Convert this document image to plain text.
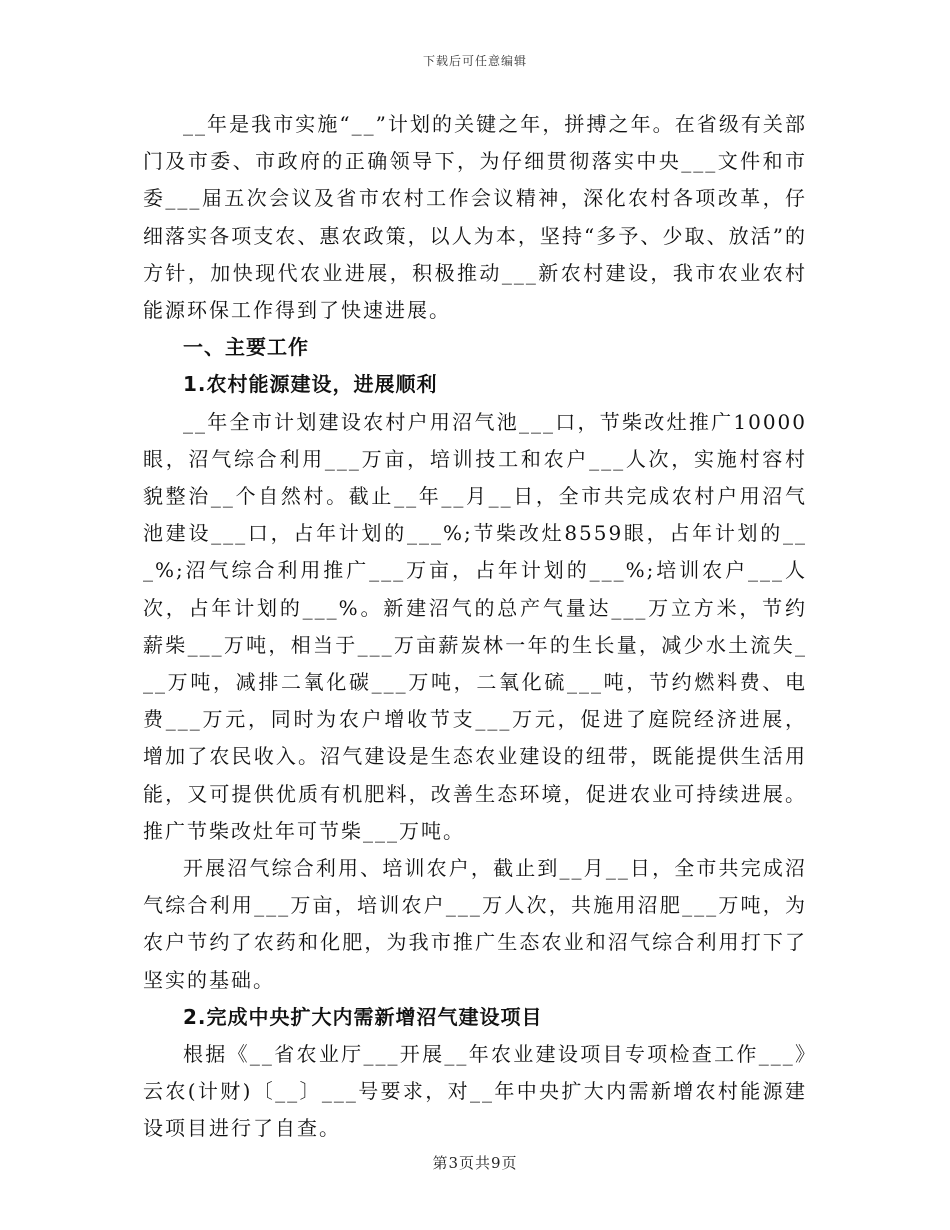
下载后可任意编辑

__年是我市实施“__”计划的关键之年，拼搏之年。在省级有关部门及市委、市政府的正确领导下，为仔细贯彻落实中央___文件和市委___届五次会议及省市农村工作会议精神，深化农村各项改革，仔细落实各项支农、惠农政策，以人为本，坚持“多予、少取、放活”的方针，加快现代农业进展，积极推动___新农村建设，我市农业农村能源环保工作得到了快速进展。

一、主要工作

1.农村能源建设，进展顺利

__年全市计划建设农村户用沼气池___口，节柴改灶推广10000眼，沼气综合利用___万亩，培训技工和农户___人次，实施村容村貌整治__个自然村。截止__年__月__日，全市共完成农村户用沼气池建设___口，占年计划的___%;节柴改灶8559眼，占年计划的___%;沼气综合利用推广___万亩，占年计划的___%;培训农户___人次，占年计划的___%。新建沼气的总产气量达___万立方米，节约薪柴___万吨，相当于___万亩薪炭林一年的生长量，减少水土流失___万吨，减排二氧化碳___万吨，二氧化硫___吨，节约燃料费、电费___万元，同时为农户增收节支___万元，促进了庭院经济进展，增加了农民收入。沼气建设是生态农业建设的纽带，既能提供生活用能，又可提供优质有机肥料，改善生态环境，促进农业可持续进展。推广节柴改灶年可节柴___万吨。

开展沼气综合利用、培训农户，截止到__月__日，全市共完成沼气综合利用___万亩，培训农户___万人次，共施用沼肥___万吨，为农户节约了农药和化肥，为我市推广生态农业和沼气综合利用打下了坚实的基础。

2.完成中央扩大内需新增沼气建设项目

根据《__省农业厅___开展__年农业建设项目专项检查工作___》云农(计财)〔__〕___号要求，对__年中央扩大内需新增农村能源建设项目进行了自查。

第3页共9页
